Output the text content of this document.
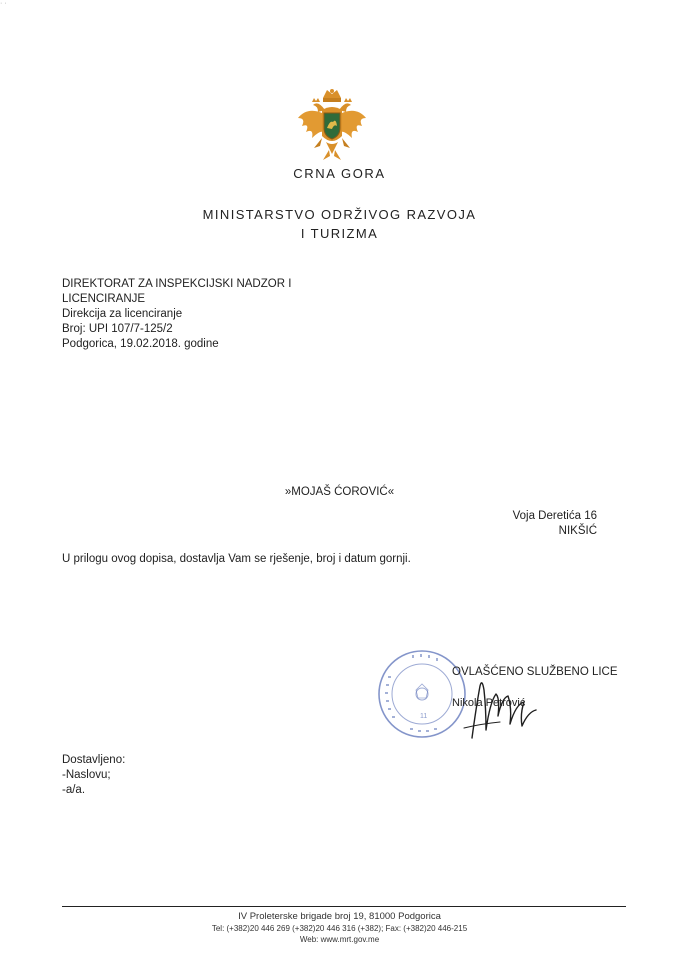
· ·
CRNA GORA
MINISTARSTVO ODRŽIVOG RAZVOJA
I TURIZMA
DIREKTORAT ZA INSPEKCIJSKI NADZOR I
LICENCIRANJE
Direkcija za licenciranje
Broj: UPI 107/7-125/2
Podgorica, 19.02.2018. godine
»MOJAŠ ĆOROVIĆ«
Voja Deretića 16
NIKŠIĆ
U prilogu ovog dopisa, dostavlja Vam se rješenje, broj i datum gornji.
11
OVLAŠĆENO SLUŽBENO LICE
Nikola Petrović
Dostavljeno:
-Naslovu;
-a/a.
IV Proleterske brigade broj 19, 81000 Podgorica
Tel: (+382)20 446 269 (+382)20 446 316 (+382); Fax: (+382)20 446-215
Web: www.mrt.gov.me
